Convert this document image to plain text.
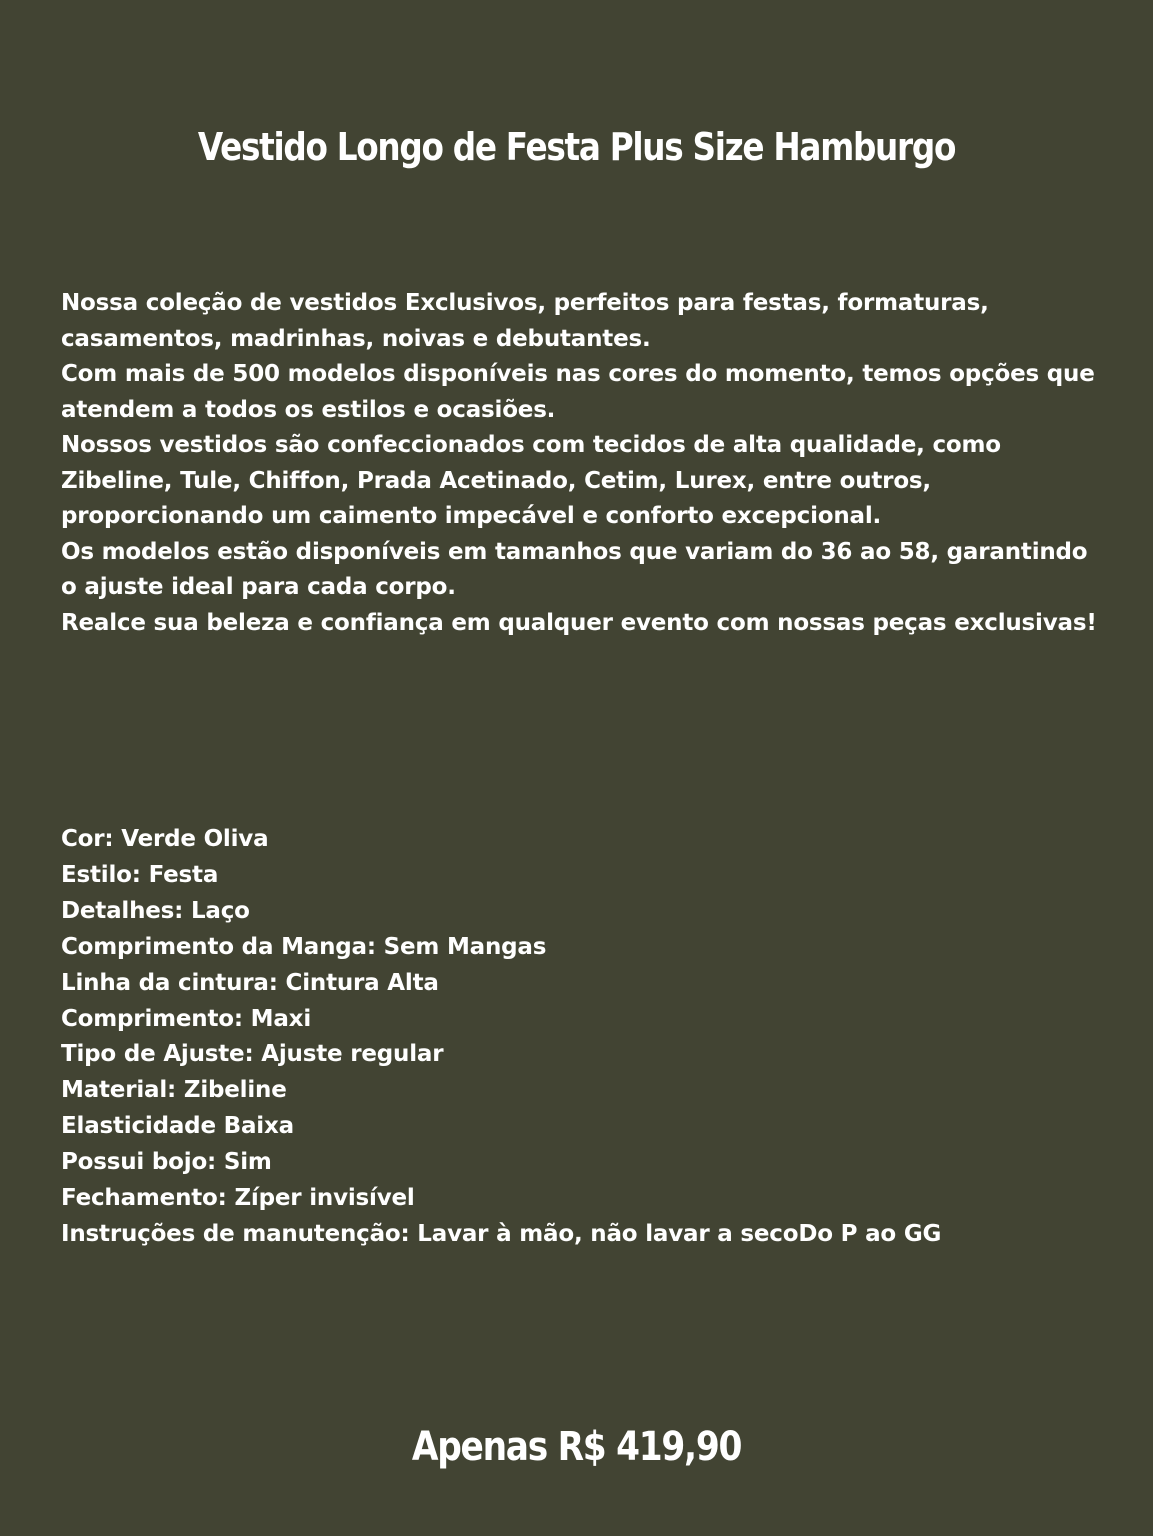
Vestido Longo de Festa Plus Size Hamburgo

Nossa coleção de vestidos Exclusivos, perfeitos para festas, formaturas, casamentos, madrinhas, noivas e debutantes.

Com mais de 500 modelos disponíveis nas cores do momento, temos opções que atendem a todos os estilos e ocasiões.

Nossos vestidos são confeccionados com tecidos de alta qualidade, como Zibeline, Tule, Chiffon, Prada Acetinado, Cetim, Lurex, entre outros, proporcionando um caimento impecável e conforto excepcional.

Os modelos estão disponíveis em tamanhos que variam do 36 ao 58, garantindo o ajuste ideal para cada corpo.

Realce sua beleza e confiança em qualquer evento com nossas peças exclusivas!

Cor: Verde Oliva
Estilo: Festa
Detalhes: Laço
Comprimento da Manga: Sem Mangas
Linha da cintura: Cintura Alta
Comprimento: Maxi
Tipo de Ajuste: Ajuste regular
Material: Zibeline
Elasticidade Baixa
Possui bojo: Sim
Fechamento: Zíper invisível
Instruções de manutenção: Lavar à mão, não lavar a secoDo P ao GG
Apenas R$ 419,90
